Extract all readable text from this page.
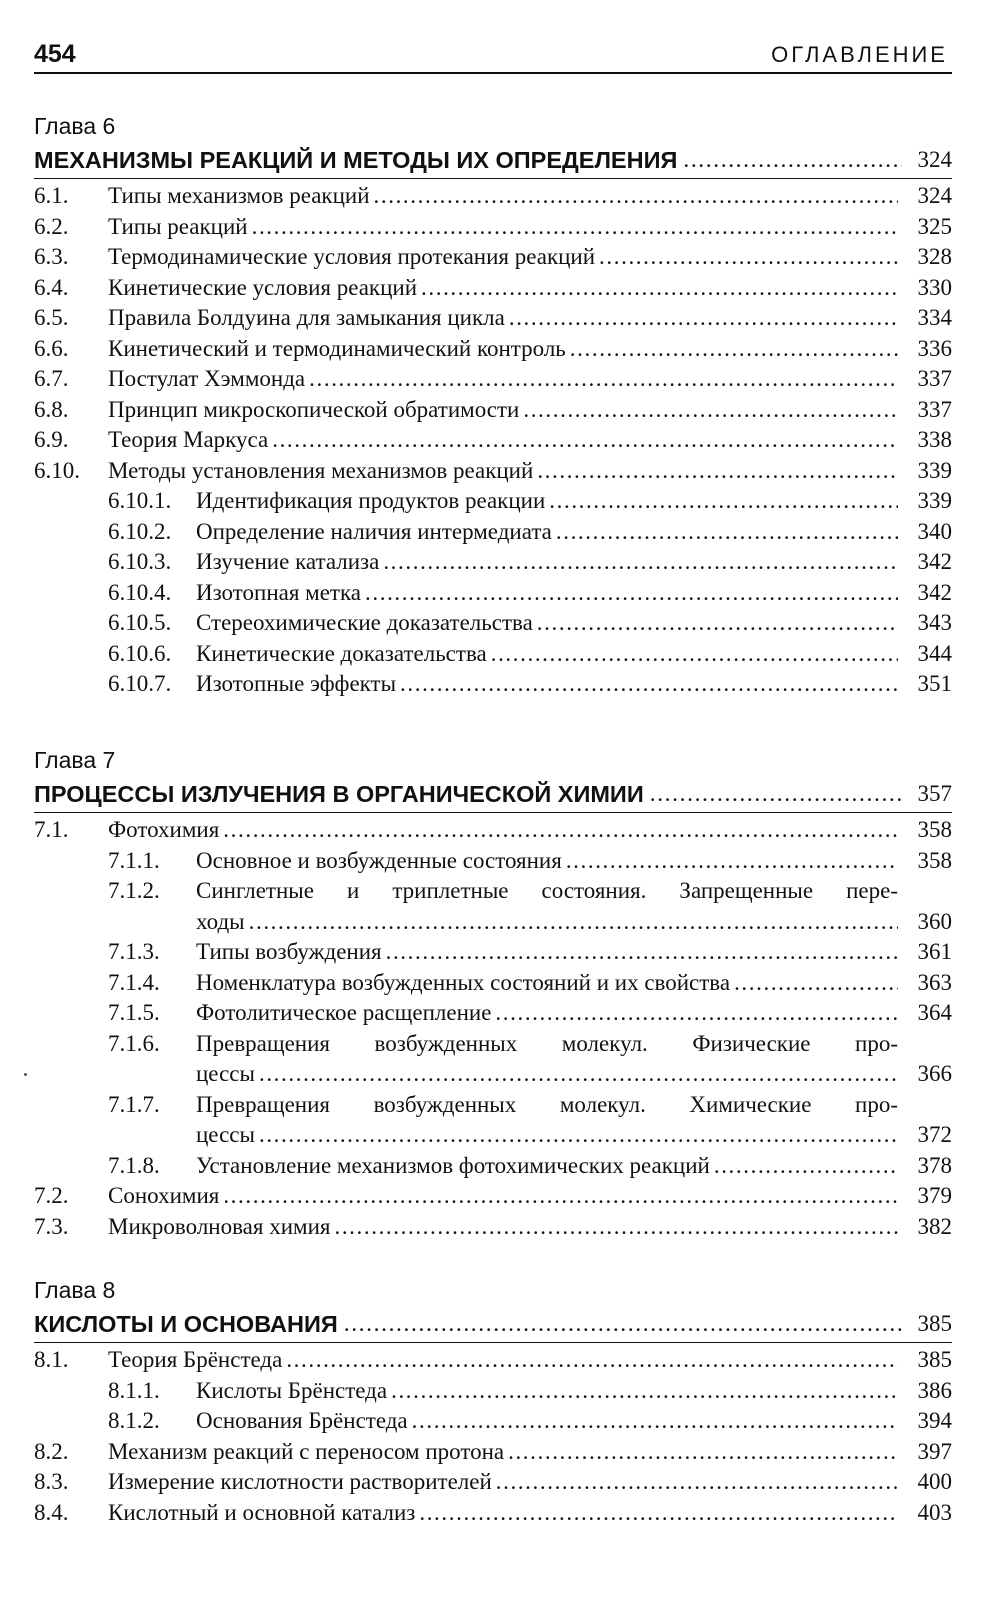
454	ОГЛАВЛЕНИЕ
Глава 6
МЕХАНИЗМЫ РЕАКЦИЙ И МЕТОДЫ ИХ ОПРЕДЕЛЕНИЯ .....	324
6.1. Типы механизмов реакций .....	324
6.2. Типы реакций .....	325
6.3. Термодинамические условия протекания реакций .....	328
6.4. Кинетические условия реакций .....	330
6.5. Правила Болдуина для замыкания цикла .....	334
6.6. Кинетический и термодинамический контроль .....	336
6.7. Постулат Хэммонда .....	337
6.8. Принцип микроскопической обратимости .....	337
6.9. Теория Маркуса .....	338
6.10. Методы установления механизмов реакций .....	339
6.10.1. Идентификация продуктов реакции .....	339
6.10.2. Определение наличия интермедиата .....	340
6.10.3. Изучение катализа .....	342
6.10.4. Изотопная метка .....	342
6.10.5. Стереохимические доказательства .....	343
6.10.6. Кинетические доказательства .....	344
6.10.7. Изотопные эффекты .....	351
Глава 7
ПРОЦЕССЫ ИЗЛУЧЕНИЯ В ОРГАНИЧЕСКОЙ ХИМИИ .....	357
7.1. Фотохимия .....	358
7.1.1. Основное и возбужденные состояния .....	358
7.1.2. Синглетные и триплетные состояния. Запрещенные пере-
ходы .....	360
7.1.3. Типы возбуждения .....	361
7.1.4. Номенклатура возбужденных состояний и их свойства .....	363
7.1.5. Фотолитическое расщепление .....	364
7.1.6. Превращения возбужденных молекул. Физические про-
цессы .....	366
7.1.7. Превращения возбужденных молекул. Химические про-
цессы .....	372
7.1.8. Установление механизмов фотохимических реакций .....	378
7.2. Сонохимия .....	379
7.3. Микроволновая химия .....	382
Глава 8
КИСЛОТЫ И ОСНОВАНИЯ .....	385
8.1. Теория Брёнстеда .....	385
8.1.1. Кислоты Брёнстеда .....	386
8.1.2. Основания Брёнстеда .....	394
8.2. Механизм реакций с переносом протона .....	397
8.3. Измерение кислотности растворителей .....	400
8.4. Кислотный и основной катализ .....	403
